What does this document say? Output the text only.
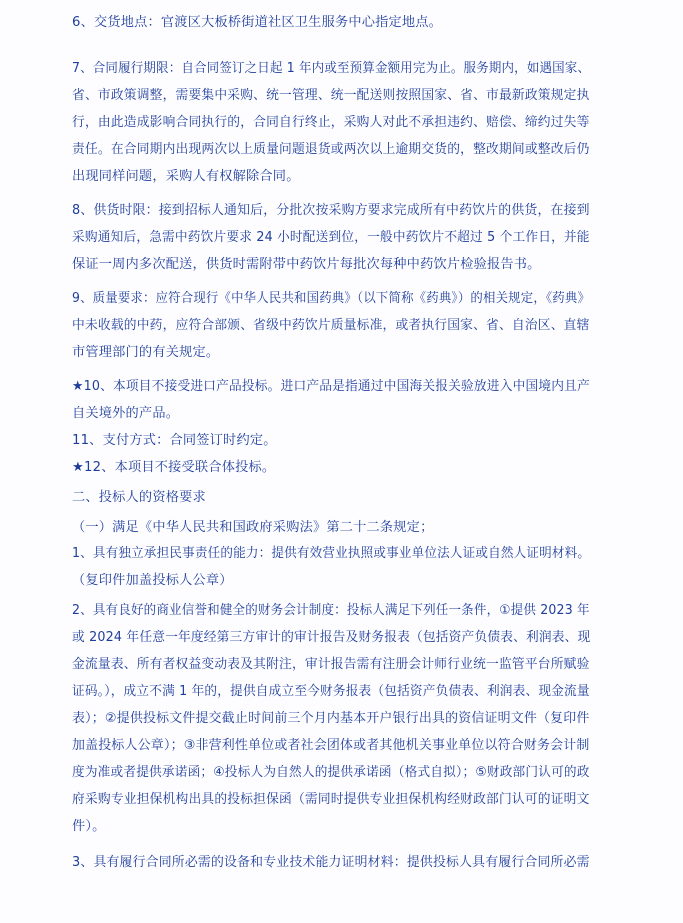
6、交货地点：官渡区大板桥街道社区卫生服务中心指定地点。
7、合同履行期限：自合同签订之日起 1 年内或至预算金额用完为止。服务期内，如遇国家、
省、市政策调整，需要集中采购、统一管理、统一配送则按照国家、省、市最新政策规定执
行，由此造成影响合同执行的，合同自行终止，采购人对此不承担违约、赔偿、缔约过失等
责任。在合同期内出现两次以上质量问题退货或两次以上逾期交货的，整改期间或整改后仍
出现同样问题，采购人有权解除合同。
8、供货时限：接到招标人通知后，分批次按采购方要求完成所有中药饮片的供货，在接到
采购通知后，急需中药饮片要求 24 小时配送到位，一般中药饮片不超过 5 个工作日，并能
保证一周内多次配送，供货时需附带中药饮片每批次每种中药饮片检验报告书。
9、质量要求：应符合现行《中华人民共和国药典》（以下简称《药典》）的相关规定，《药典》
中未收载的中药，应符合部颁、省级中药饮片质量标准，或者执行国家、省、自治区、直辖
市管理部门的有关规定。
★10、本项目不接受进口产品投标。进口产品是指通过中国海关报关验放进入中国境内且产
自关境外的产品。
11、支付方式：合同签订时约定。
★12、本项目不接受联合体投标。
二、投标人的资格要求
（一）满足《中华人民共和国政府采购法》第二十二条规定；
1、具有独立承担民事责任的能力：提供有效营业执照或事业单位法人证或自然人证明材料。
（复印件加盖投标人公章）
2、具有良好的商业信誉和健全的财务会计制度：投标人满足下列任一条件，①提供 2023 年
或 2024 年任意一年度经第三方审计的审计报告及财务报表（包括资产负债表、利润表、现
金流量表、所有者权益变动表及其附注，审计报告需有注册会计师行业统一监管平台所赋验
证码。），成立不满 1 年的，提供自成立至今财务报表（包括资产负债表、利润表、现金流量
表）；②提供投标文件提交截止时间前三个月内基本开户银行出具的资信证明文件（复印件
加盖投标人公章）；③非营利性单位或者社会团体或者其他机关事业单位以符合财务会计制
度为准或者提供承诺函；④投标人为自然人的提供承诺函（格式自拟）；⑤财政部门认可的政
府采购专业担保机构出具的投标担保函（需同时提供专业担保机构经财政部门认可的证明文
件）。
3、具有履行合同所必需的设备和专业技术能力证明材料：提供投标人具有履行合同所必需
